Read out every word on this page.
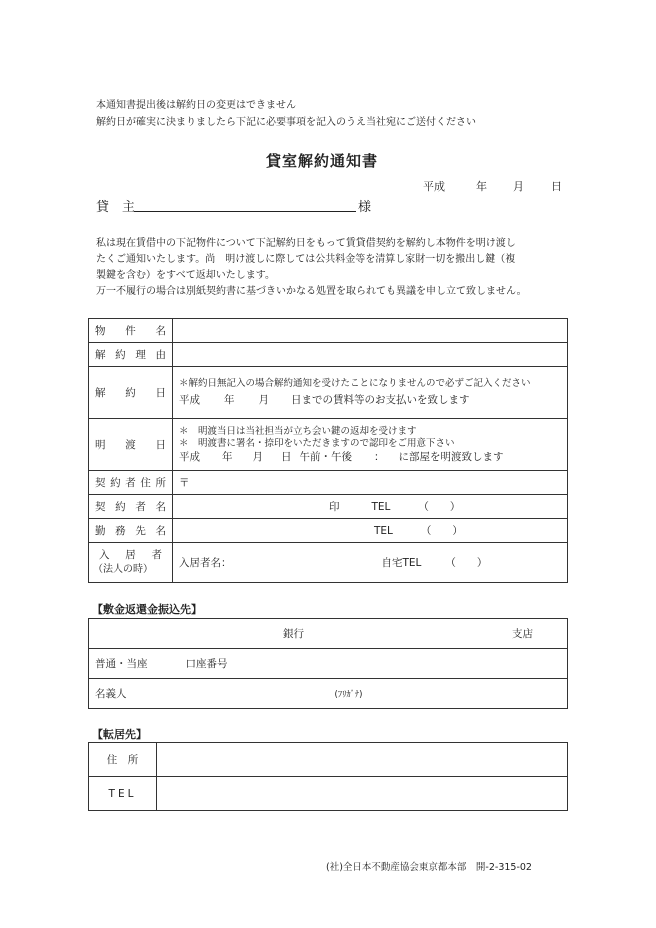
本通知書提出後は解約日の変更はできません
解約日が確実に決まりましたら下記に必要事項を記入のうえ当社宛にご送付ください
貸室解約通知書
平成	年 月 日
貸　主	様
私は現在賃借中の下記物件について下記解約日をもって賃貸借契約を解約し本物件を明け渡し
たくご通知いたします。尚　明け渡しに際しては公共料金等を清算し家財一切を搬出し鍵（複
製鍵を含む）をすべて返却いたします。
万一不履行の場合は別紙契約書に基づきいかなる処置を取られても異議を申し立て致しません。
物件名	
解約理由	
解約日	＊解約日無記入の場合解約通知を受けたことになりませんので必ずご記入ください
平成 年 月 日までの賃料等のお支払いを致します

明渡日	＊　明渡当日は当社担当が立ち会い鍵の返却を受けます
＊　明渡書に署名・捺印をいただきますので認印をご用意下さい
平成 年 月 日 午前・午後 ： に部屋を明渡致します

契約者住所	〒
契約者名	印 TEL （　　）
勤務先名	TEL （　　）

入居者
（法人の時）	入居者名： 自宅TEL （　　）
【敷金返還金振込先】
銀行	支店
普通・当座	口座番号
名義人	(ﾌﾘｶﾞﾅ)
【転居先】
住　所	
TEL	
(社)全日本不動産協会東京都本部　開-2-315-02
